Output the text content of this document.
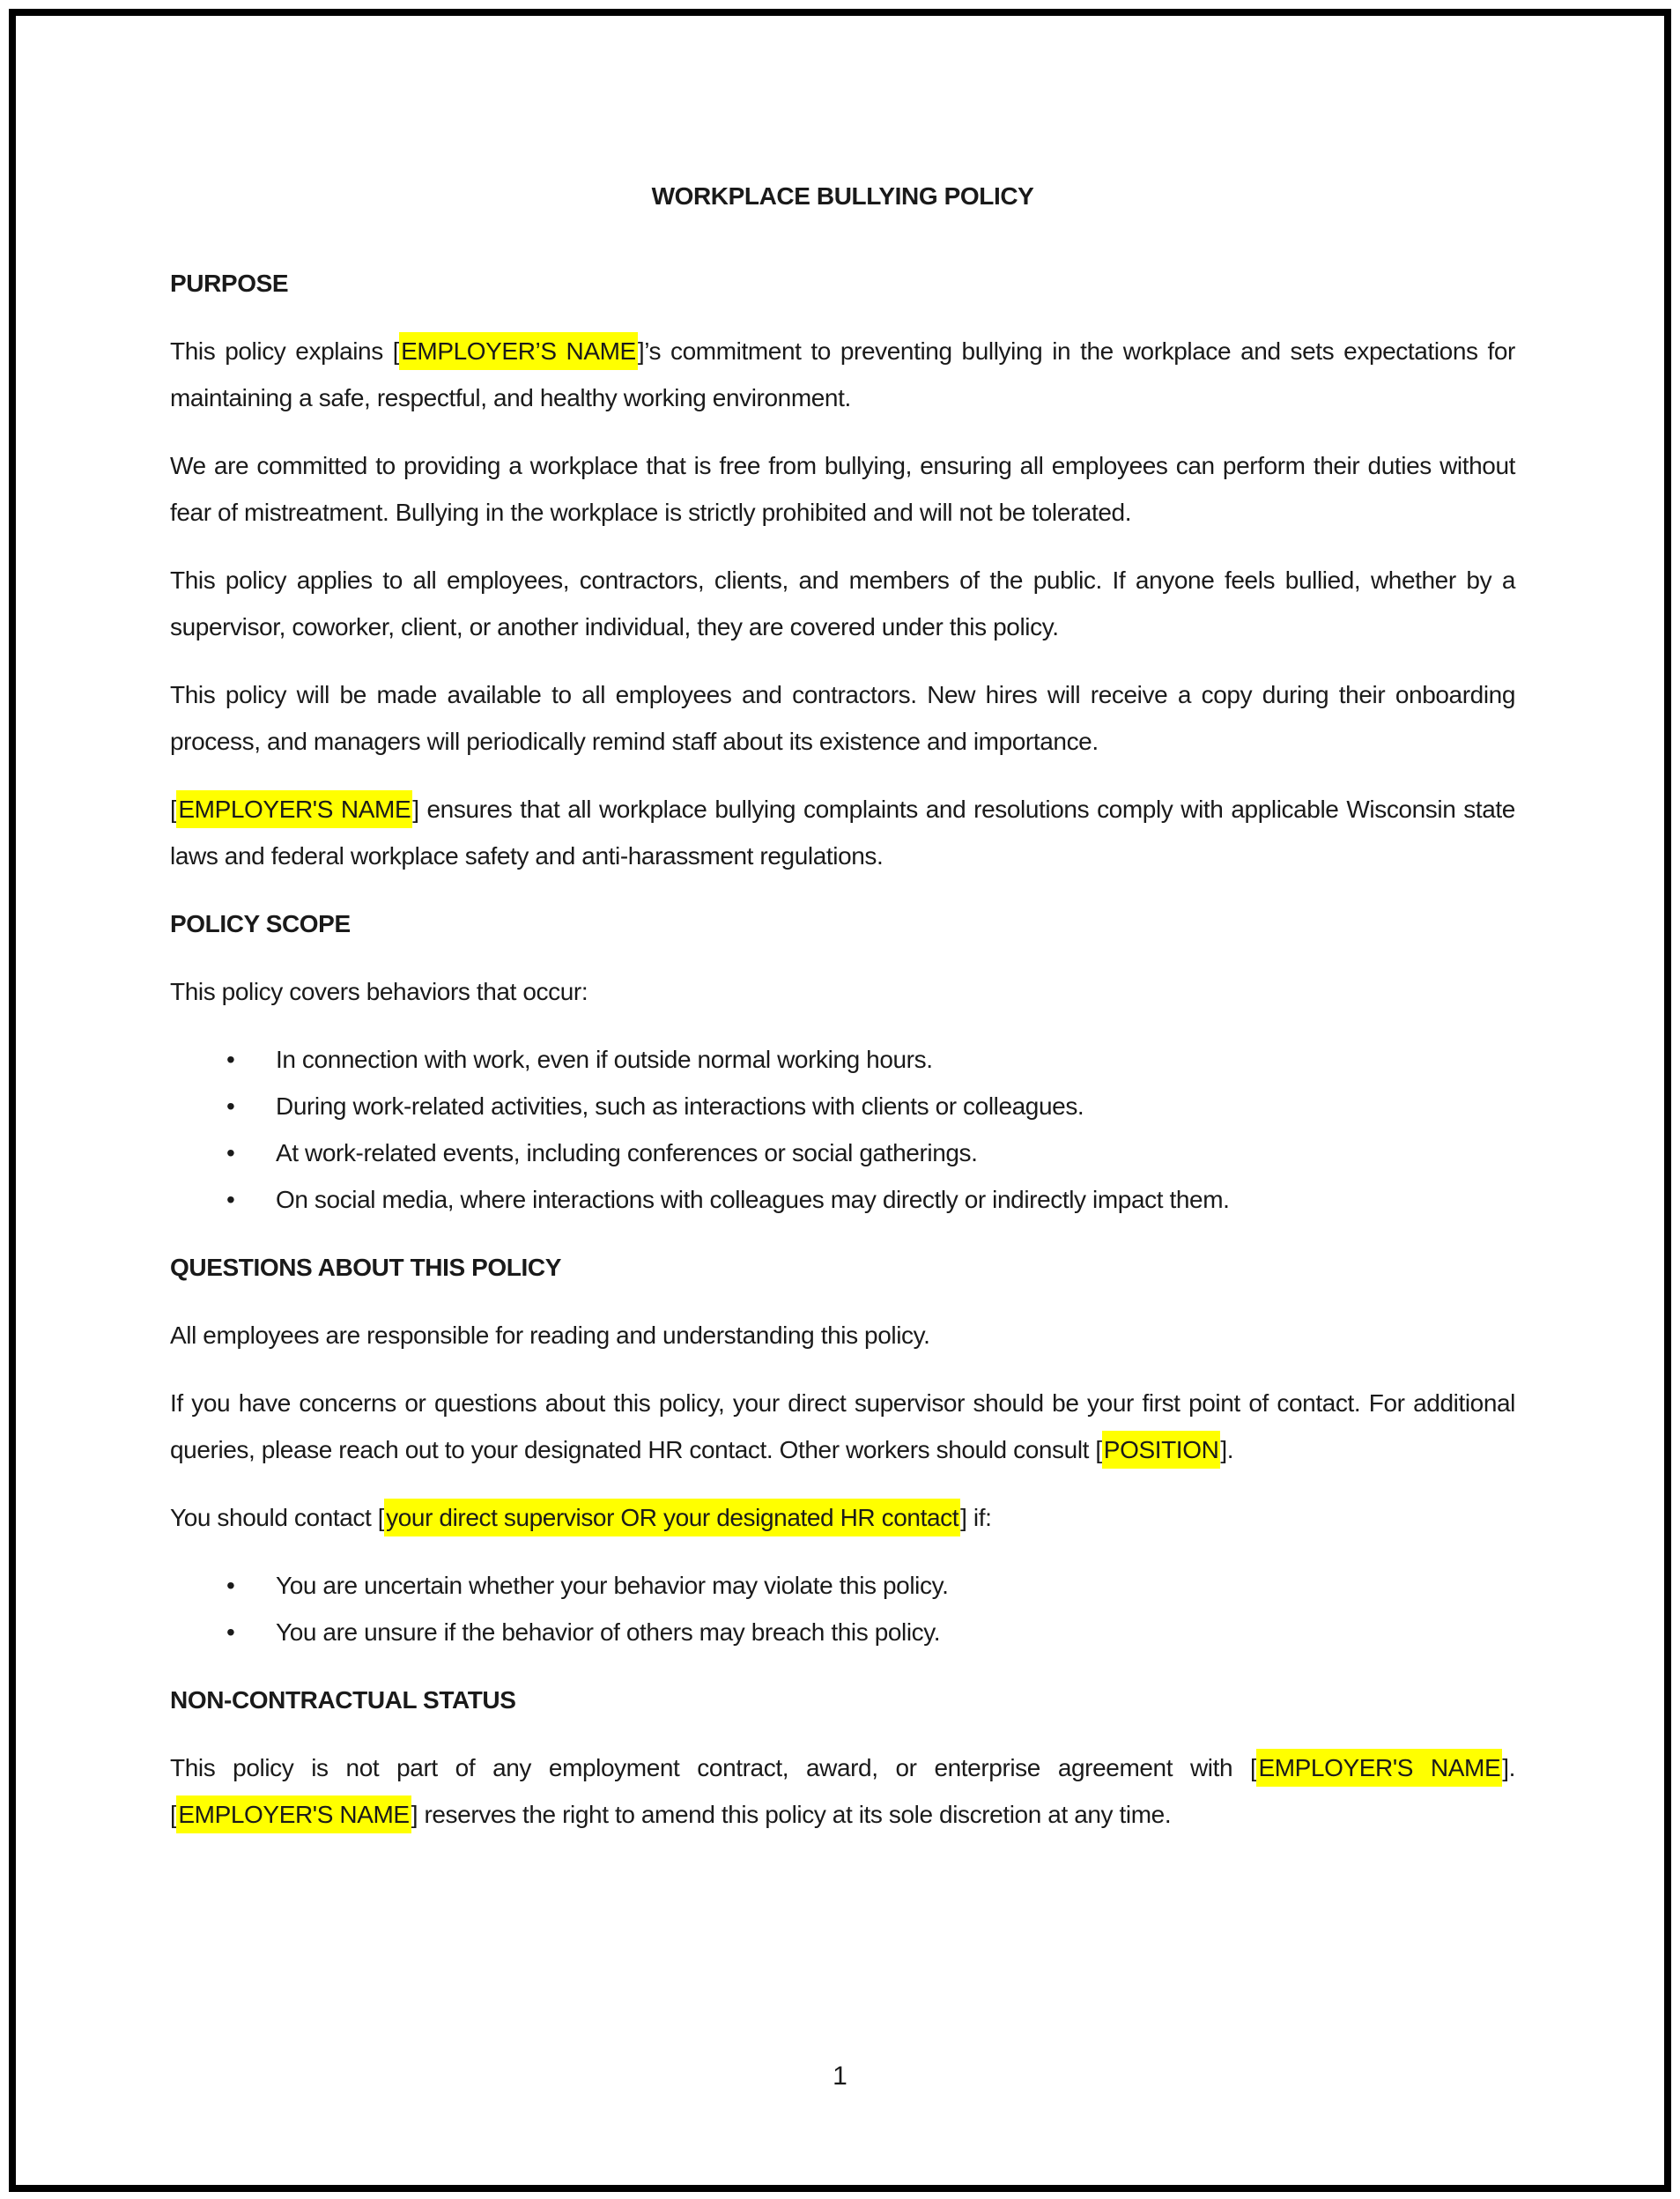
WORKPLACE BULLYING POLICY
PURPOSE

This policy explains [EMPLOYER’S NAME]’s commitment to preventing bullying in the workplace and sets expectations for maintaining a safe, respectful, and healthy working environment.

We are committed to providing a workplace that is free from bullying, ensuring all employees can perform their duties without fear of mistreatment. Bullying in the workplace is strictly prohibited and will not be tolerated.

This policy applies to all employees, contractors, clients, and members of the public. If anyone feels bullied, whether by a supervisor, coworker, client, or another individual, they are covered under this policy.

This policy will be made available to all employees and contractors. New hires will receive a copy during their onboarding process, and managers will periodically remind staff about its existence and importance.

[EMPLOYER'S NAME] ensures that all workplace bullying complaints and resolutions comply with applicable Wisconsin state laws and federal workplace safety and anti-harassment regulations.

POLICY SCOPE

This policy covers behaviors that occur:

• In connection with work, even if outside normal working hours.
• During work-related activities, such as interactions with clients or colleagues.
• At work-related events, including conferences or social gatherings.
• On social media, where interactions with colleagues may directly or indirectly impact them.
QUESTIONS ABOUT THIS POLICY

All employees are responsible for reading and understanding this policy.

If you have concerns or questions about this policy, your direct supervisor should be your first point of contact. For additional queries, please reach out to your designated HR contact. Other workers should consult [POSITION].

You should contact [your direct supervisor OR your designated HR contact] if:

• You are uncertain whether your behavior may violate this policy.
• You are unsure if the behavior of others may breach this policy.
NON-CONTRACTUAL STATUS

This policy is not part of any employment contract, award, or enterprise agreement with [EMPLOYER'S NAME]. [EMPLOYER'S NAME] reserves the right to amend this policy at its sole discretion at any time.

1
